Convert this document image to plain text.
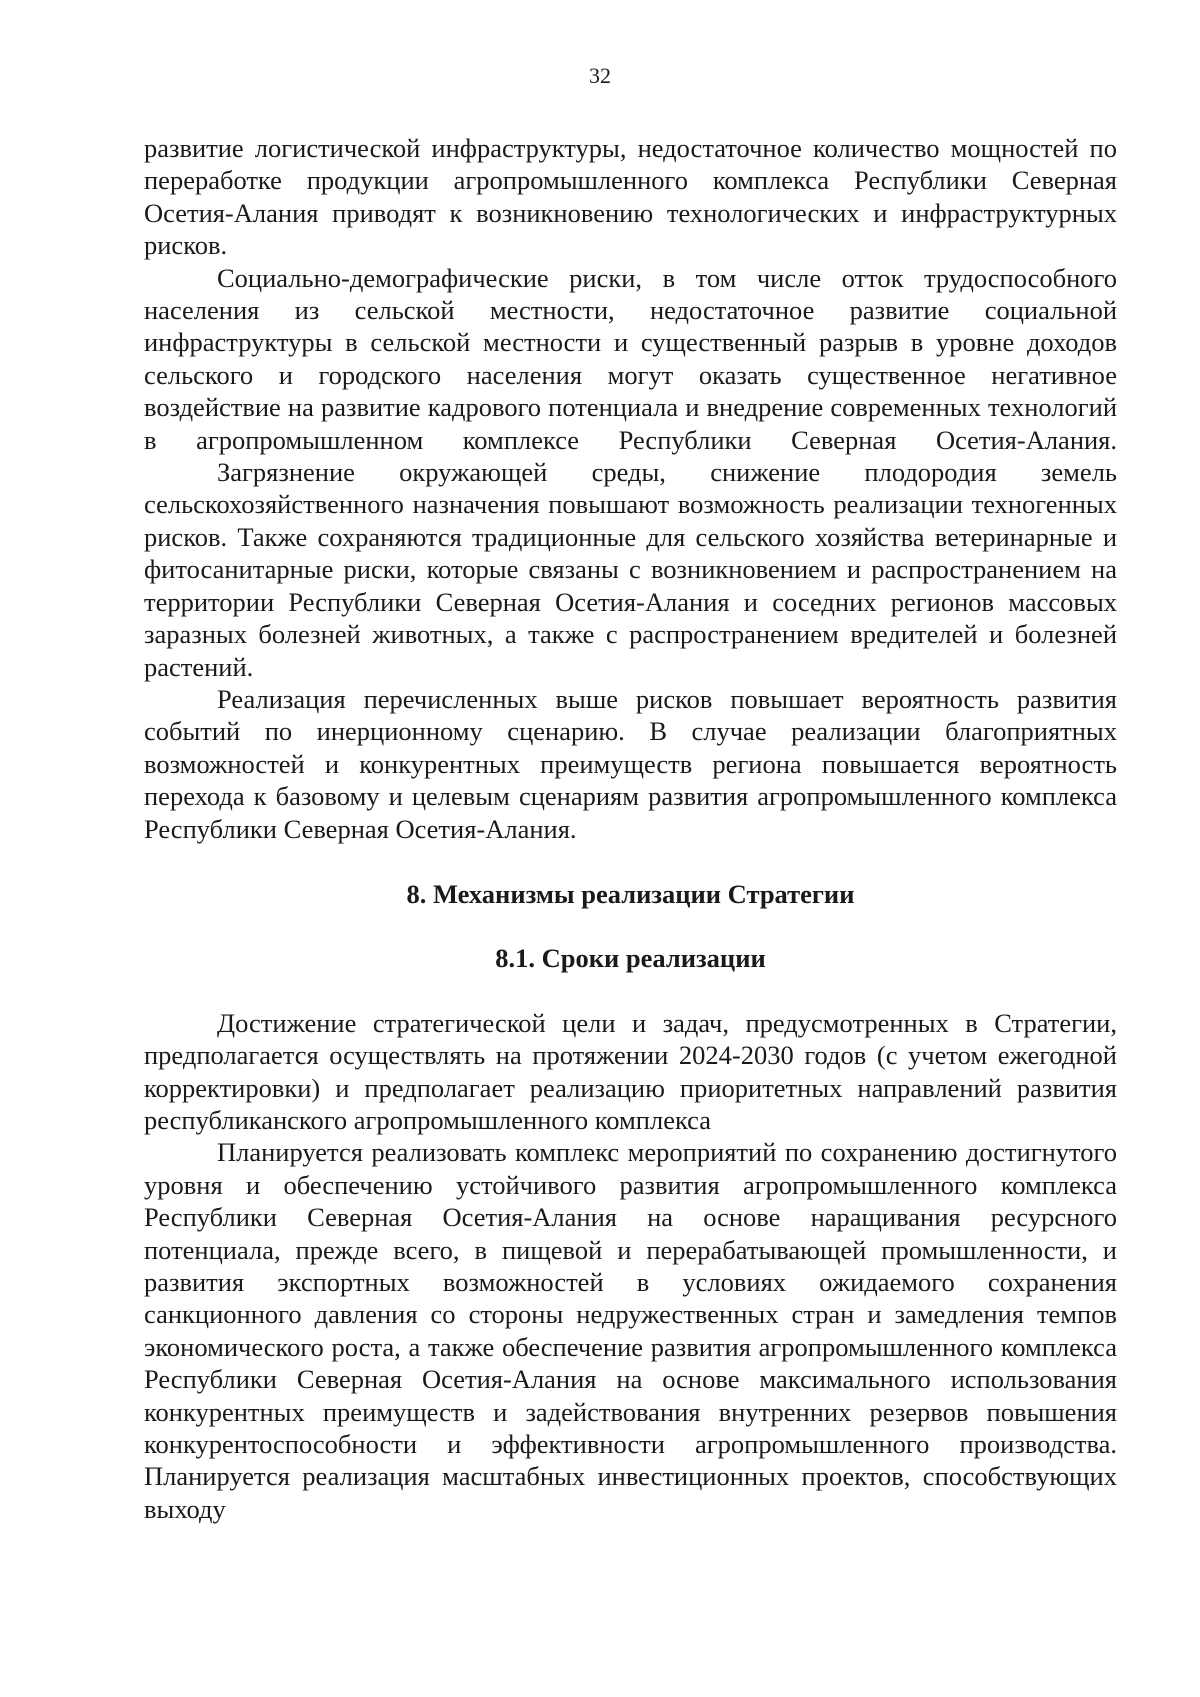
32

развитие логистической инфраструктуры, недостаточное количество мощностей по переработке продукции агропромышленного комплекса Республики Северная Осетия-Алания приводят к возникновению технологических и инфраструктурных рисков.

Социально-демографические риски, в том числе отток трудоспособного населения из сельской местности, недостаточное развитие социальной инфраструктуры в сельской местности и существенный разрыв в уровне доходов сельского и городского населения могут оказать существенное негативное воздействие на развитие кадрового потенциала и внедрение современных технологий в агропромышленном комплексе Республики Северная Осетия-Алания.

Загрязнение окружающей среды, снижение плодородия земель сельскохозяйственного назначения повышают возможность реализации техногенных рисков. Также сохраняются традиционные для сельского хозяйства ветеринарные и фитосанитарные риски, которые связаны с возникновением и распространением на территории Республики Северная Осетия-Алания и соседних регионов массовых заразных болезней животных, а также с распространением вредителей и болезней растений.

Реализация перечисленных выше рисков повышает вероятность развития событий по инерционному сценарию. В случае реализации благоприятных возможностей и конкурентных преимуществ региона повышается вероятность перехода к базовому и целевым сценариям развития агропромышленного комплекса Республики Северная Осетия-Алания.

8. Механизмы реализации Стратегии
8.1. Сроки реализации

Достижение стратегической цели и задач, предусмотренных в Стратегии, предполагается осуществлять на протяжении 2024-2030 годов (с учетом ежегодной корректировки) и предполагает реализацию приоритетных направлений развития республиканского агропромышленного комплекса

Планируется реализовать комплекс мероприятий по сохранению достигнутого уровня и обеспечению устойчивого развития агропромышленного комплекса Республики Северная Осетия-Алания на основе наращивания ресурсного потенциала, прежде всего, в пищевой и перерабатывающей промышленности, и развития экспортных возможностей в условиях ожидаемого сохранения санкционного давления со стороны недружественных стран и замедления темпов экономического роста, а также обеспечение развития агропромышленного комплекса Республики Северная Осетия-Алания на основе максимального использования конкурентных преимуществ и задействования внутренних резервов повышения конкурентоспособности и эффективности агропромышленного производства. Планируется реализация масштабных инвестиционных проектов, способствующих выходу
